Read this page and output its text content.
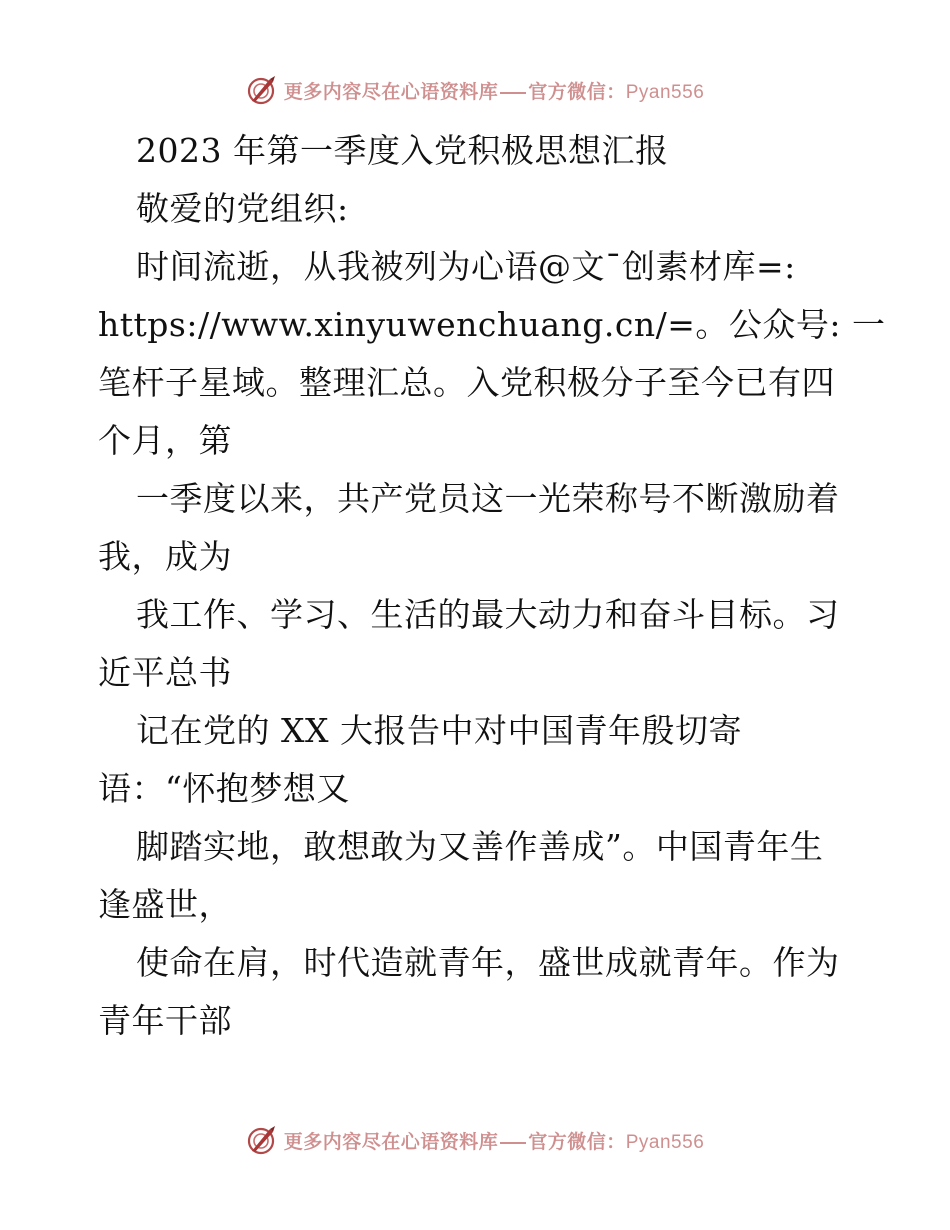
更多内容尽在心语资料库 官方微信：Pyan556
2023 年第一季度入党积极思想汇报
敬爱的党组织:
时间流逝，从我被列为心语@文¯创素材库=:
https://www.xinyuwenchuang.cn/=。公众号: 一
笔杆子星域。整理汇总。入党积极分子至今已有四
个月，第
一季度以来，共产党员这一光荣称号不断激励着
我，成为
我工作、学习、生活的最大动力和奋斗目标。习
近平总书
记在党的 XX 大报告中对中国青年殷切寄
语：“怀抱梦想又
脚踏实地，敢想敢为又善作善成”。中国青年生
逢盛世，
使命在肩，时代造就青年，盛世成就青年。作为
青年干部
更多内容尽在心语资料库 官方微信：Pyan556
